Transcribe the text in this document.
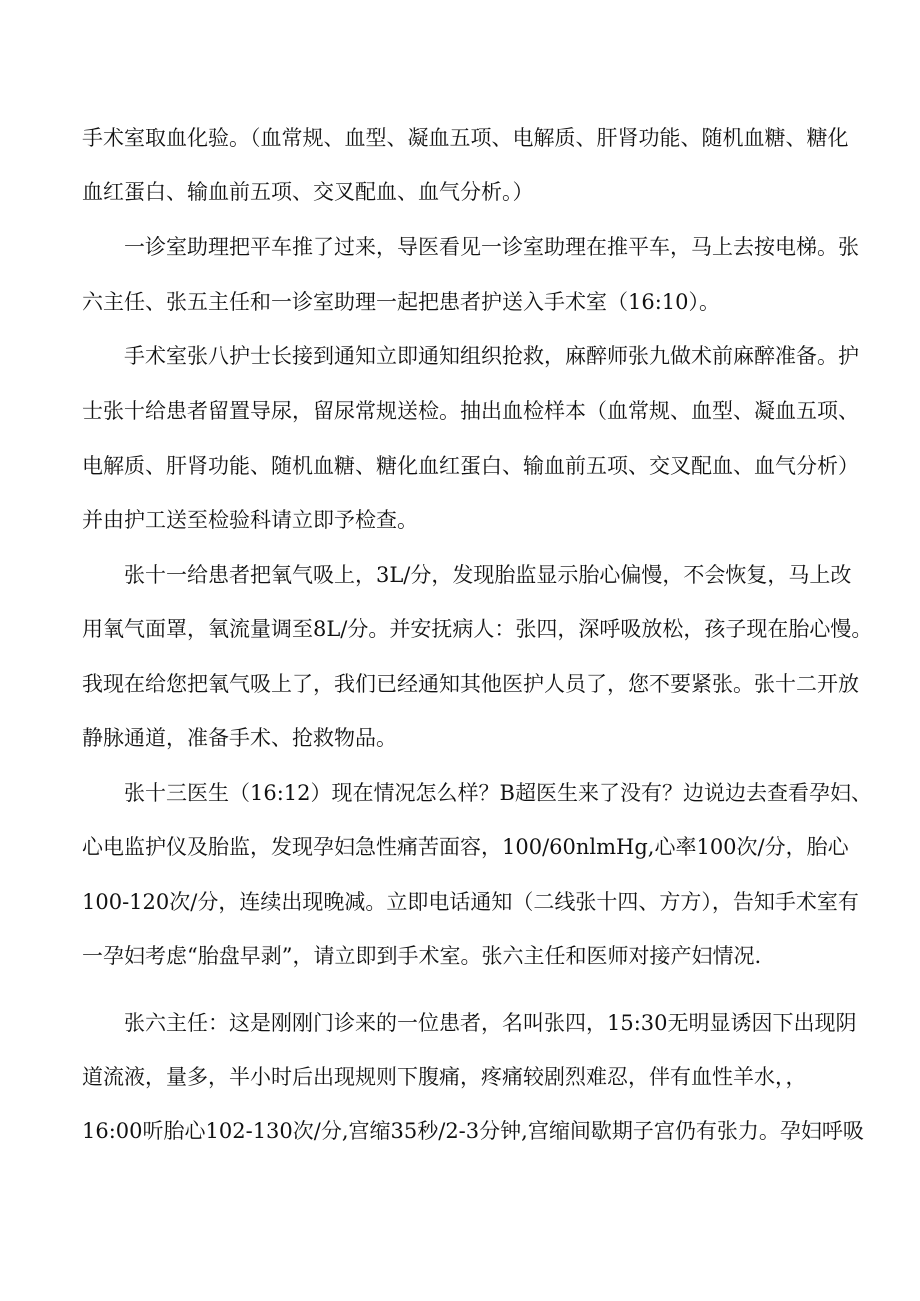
手术室取血化验。（血常规、血型、凝血五项、电解质、肝肾功能、随机血糖、糖化
血红蛋白、输血前五项、交叉配血、血气分析。）
一诊室助理把平车推了过来，导医看见一诊室助理在推平车，马上去按电梯。张
六主任、张五主任和一诊室助理一起把患者护送入手术室（16:10）。
手术室张八护士长接到通知立即通知组织抢救，麻醉师张九做术前麻醉准备。护
士张十给患者留置导尿，留尿常规送检。抽出血检样本（血常规、血型、凝血五项、
电解质、肝肾功能、随机血糖、糖化血红蛋白、输血前五项、交叉配血、血气分析）
并由护工送至检验科请立即予检查。
张十一给患者把氧气吸上，3L/分，发现胎监显示胎心偏慢，不会恢复，马上改
用氧气面罩，氧流量调至8L/分。并安抚病人：张四，深呼吸放松，孩子现在胎心慢。
我现在给您把氧气吸上了，我们已经通知其他医护人员了，您不要紧张。张十二开放
静脉通道，准备手术、抢救物品。
张十三医生（16:12）现在情况怎么样？B超医生来了没有？边说边去查看孕妇、
心电监护仪及胎监，发现孕妇急性痛苦面容，100/60nlmHg,心率100次/分，胎心
100-120次/分，连续出现晚减。立即电话通知（二线张十四、方方），告知手术室有
一孕妇考虑“胎盘早剥”，请立即到手术室。张六主任和医师对接产妇情况.
张六主任：这是刚刚门诊来的一位患者，名叫张四，15:30无明显诱因下出现阴
道流液，量多，半小时后出现规则下腹痛，疼痛较剧烈难忍，伴有血性羊水，，
16:00听胎心102-130次/分,宫缩35秒/2-3分钟,宫缩间歇期子宫仍有张力。孕妇呼吸
